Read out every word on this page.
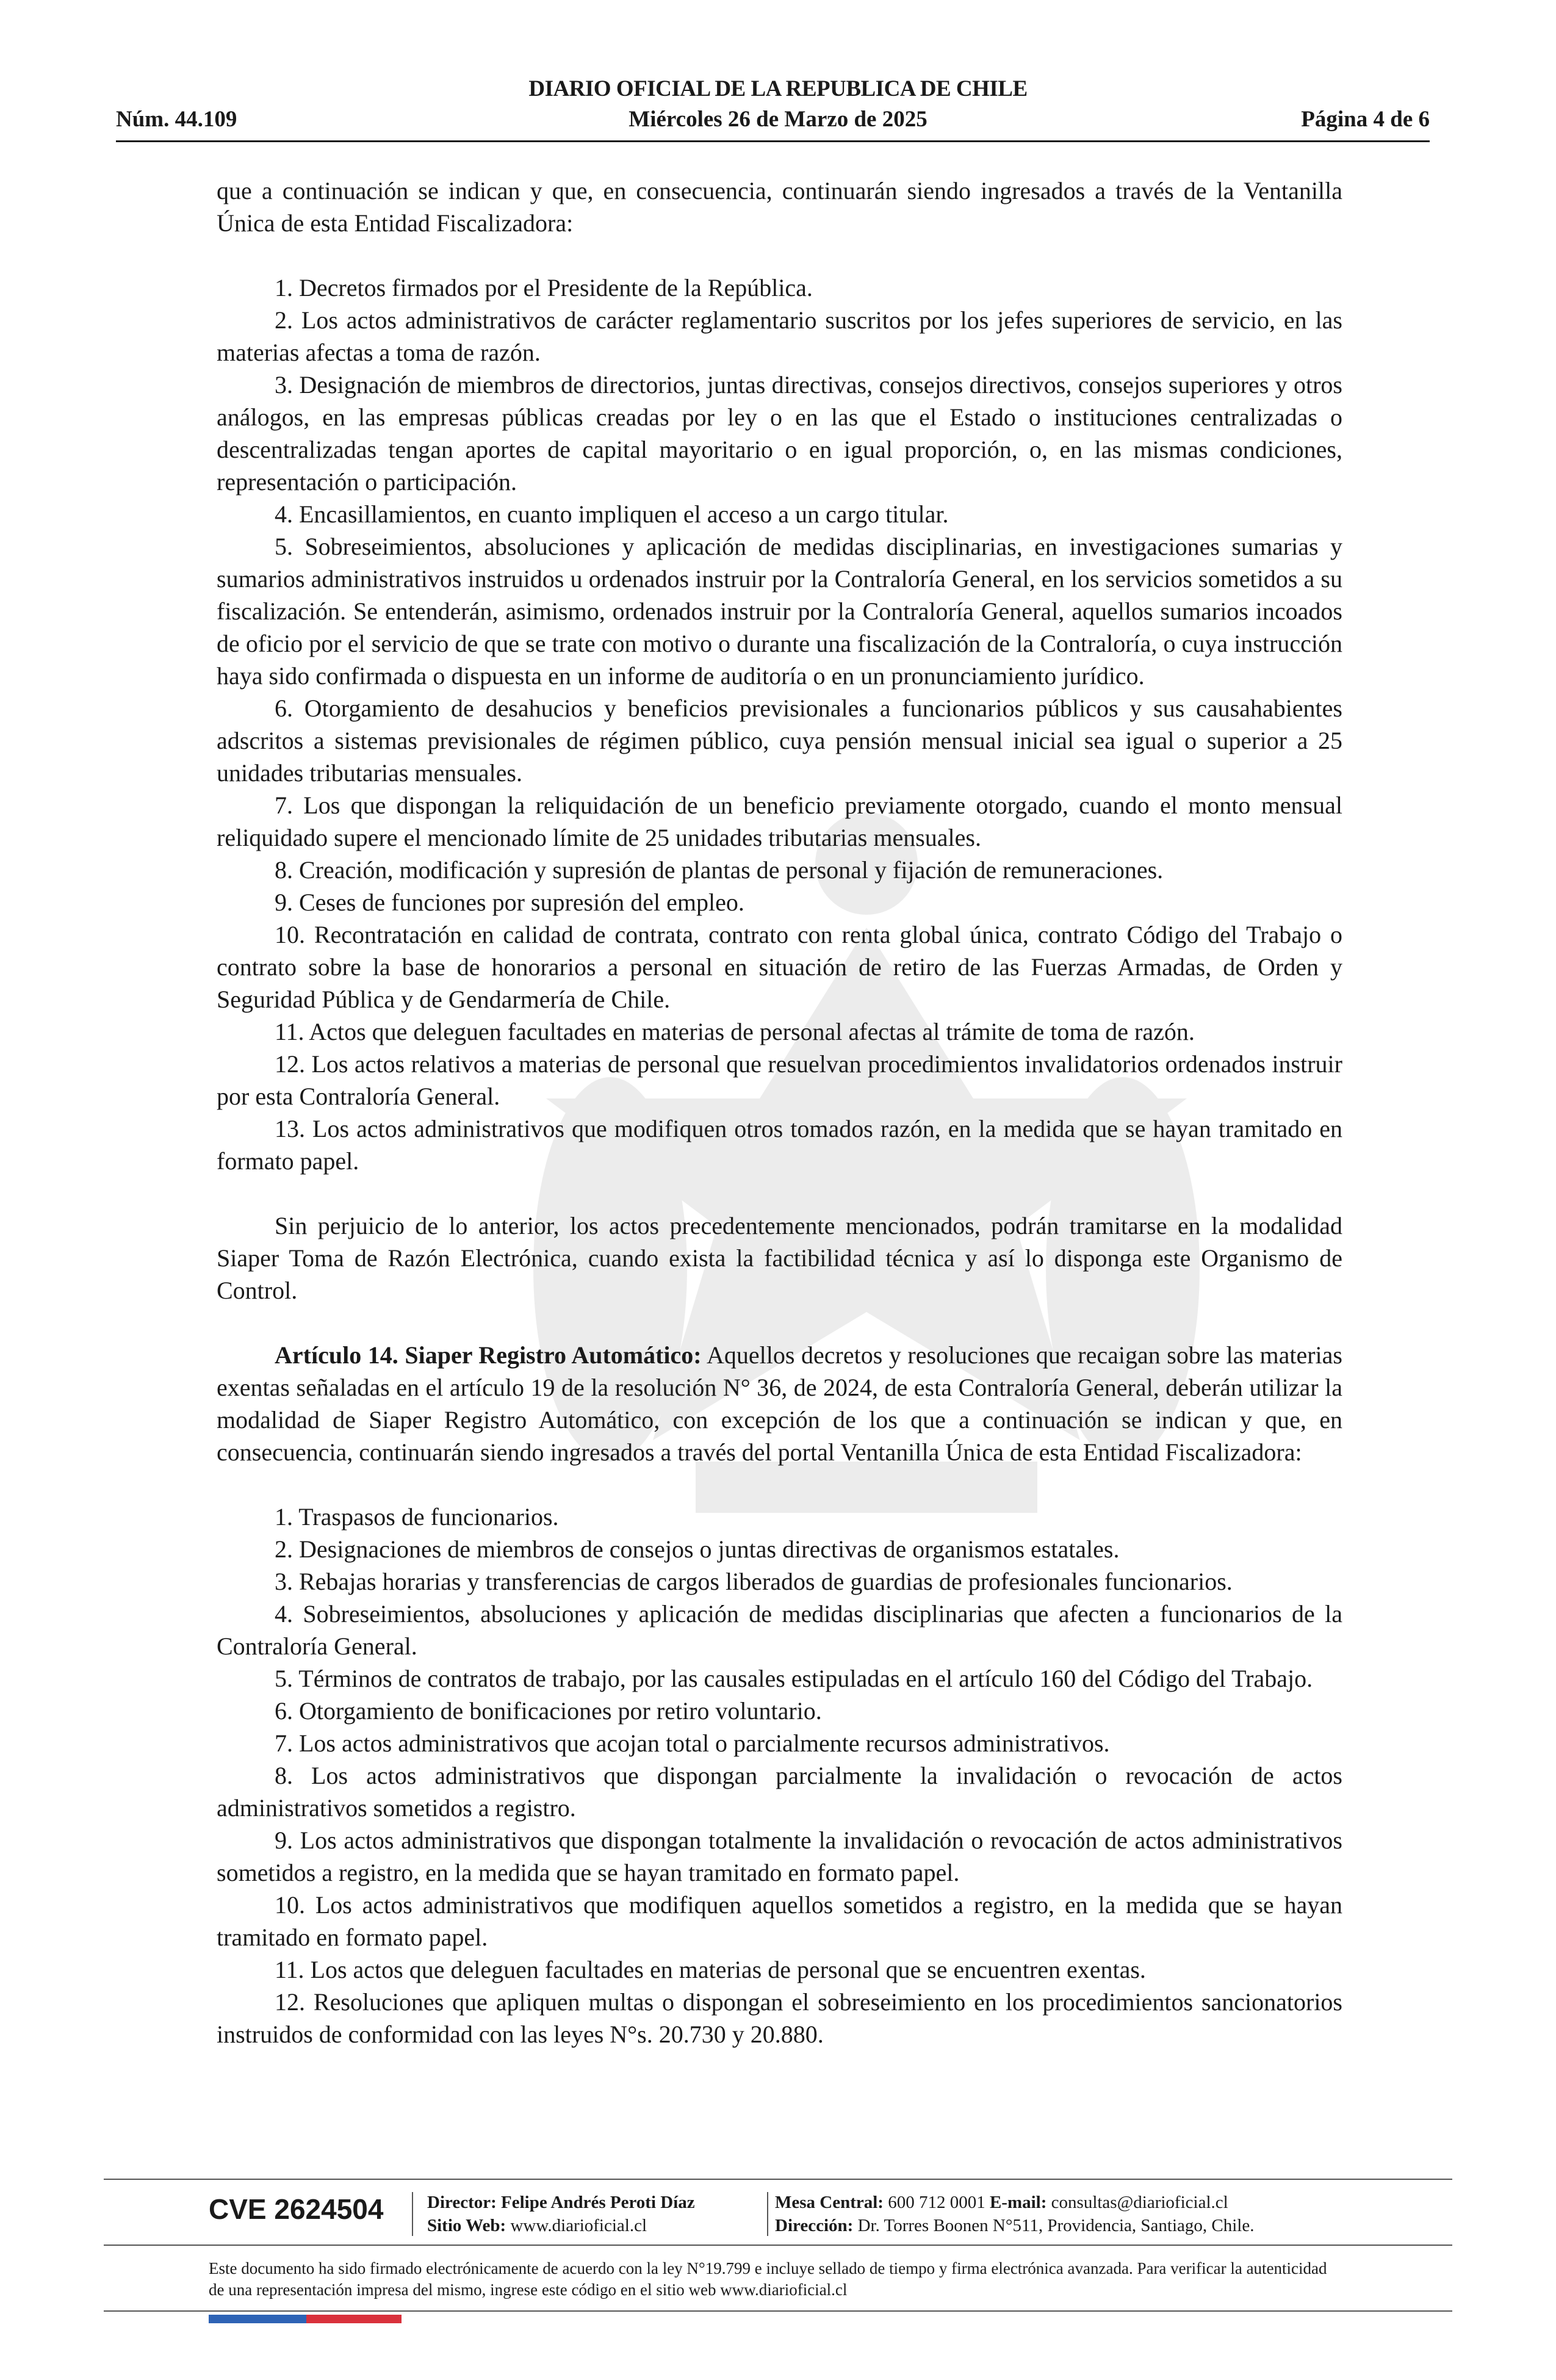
DIARIO OFICIAL DE LA REPUBLICA DE CHILE
Núm. 44.109	Miércoles 26 de Marzo de 2025	Página 4 de 6

que a continuación se indican y que, en consecuencia, continuarán siendo ingresados a través de la Ventanilla Única de esta Entidad Fiscalizadora:

1. Decretos firmados por el Presidente de la República.

2. Los actos administrativos de carácter reglamentario suscritos por los jefes superiores de servicio, en las materias afectas a toma de razón.

3. Designación de miembros de directorios, juntas directivas, consejos directivos, consejos superiores y otros análogos, en las empresas públicas creadas por ley o en las que el Estado o instituciones centralizadas o descentralizadas tengan aportes de capital mayoritario o en igual proporción, o, en las mismas condiciones, representación o participación.

4. Encasillamientos, en cuanto impliquen el acceso a un cargo titular.

5. Sobreseimientos, absoluciones y aplicación de medidas disciplinarias, en investigaciones sumarias y sumarios administrativos instruidos u ordenados instruir por la Contraloría General, en los servicios sometidos a su fiscalización. Se entenderán, asimismo, ordenados instruir por la Contraloría General, aquellos sumarios incoados de oficio por el servicio de que se trate con motivo o durante una fiscalización de la Contraloría, o cuya instrucción haya sido confirmada o dispuesta en un informe de auditoría o en un pronunciamiento jurídico.

6. Otorgamiento de desahucios y beneficios previsionales a funcionarios públicos y sus causahabientes adscritos a sistemas previsionales de régimen público, cuya pensión mensual inicial sea igual o superior a 25 unidades tributarias mensuales.

7. Los que dispongan la reliquidación de un beneficio previamente otorgado, cuando el monto mensual reliquidado supere el mencionado límite de 25 unidades tributarias mensuales.

8. Creación, modificación y supresión de plantas de personal y fijación de remuneraciones.

9. Ceses de funciones por supresión del empleo.

10. Recontratación en calidad de contrata, contrato con renta global única, contrato Código del Trabajo o contrato sobre la base de honorarios a personal en situación de retiro de las Fuerzas Armadas, de Orden y Seguridad Pública y de Gendarmería de Chile.

11. Actos que deleguen facultades en materias de personal afectas al trámite de toma de razón.

12. Los actos relativos a materias de personal que resuelvan procedimientos invalidatorios ordenados instruir por esta Contraloría General.

13. Los actos administrativos que modifiquen otros tomados razón, en la medida que se hayan tramitado en formato papel.

Sin perjuicio de lo anterior, los actos precedentemente mencionados, podrán tramitarse en la modalidad Siaper Toma de Razón Electrónica, cuando exista la factibilidad técnica y así lo disponga este Organismo de Control.

Artículo 14. Siaper Registro Automático: Aquellos decretos y resoluciones que recaigan sobre las materias exentas señaladas en el artículo 19 de la resolución N° 36, de 2024, de esta Contraloría General, deberán utilizar la modalidad de Siaper Registro Automático, con excepción de los que a continuación se indican y que, en consecuencia, continuarán siendo ingresados a través del portal Ventanilla Única de esta Entidad Fiscalizadora:

1. Traspasos de funcionarios.

2. Designaciones de miembros de consejos o juntas directivas de organismos estatales.

3. Rebajas horarias y transferencias de cargos liberados de guardias de profesionales funcionarios.

4. Sobreseimientos, absoluciones y aplicación de medidas disciplinarias que afecten a funcionarios de la Contraloría General.

5. Términos de contratos de trabajo, por las causales estipuladas en el artículo 160 del Código del Trabajo.

6. Otorgamiento de bonificaciones por retiro voluntario.

7. Los actos administrativos que acojan total o parcialmente recursos administrativos.

8. Los actos administrativos que dispongan parcialmente la invalidación o revocación de actos administrativos sometidos a registro.

9. Los actos administrativos que dispongan totalmente la invalidación o revocación de actos administrativos sometidos a registro, en la medida que se hayan tramitado en formato papel.

10. Los actos administrativos que modifiquen aquellos sometidos a registro, en la medida que se hayan tramitado en formato papel.

11. Los actos que deleguen facultades en materias de personal que se encuentren exentas.

12. Resoluciones que apliquen multas o dispongan el sobreseimiento en los procedimientos sancionatorios instruidos de conformidad con las leyes N°s. 20.730 y 20.880.

CVE 2624504 Director: Felipe Andrés Peroti Díaz
Sitio Web: www.diarioficial.cl
Mesa Central: 600 712 0001 E-mail: consultas@diarioficial.cl
Dirección: Dr. Torres Boonen N°511, Providencia, Santiago, Chile.
Este documento ha sido firmado electrónicamente de acuerdo con la ley N°19.799 e incluye sellado de tiempo y firma electrónica avanzada. Para verificar la autenticidad de una representación impresa del mismo, ingrese este código en el sitio web www.diarioficial.cl
